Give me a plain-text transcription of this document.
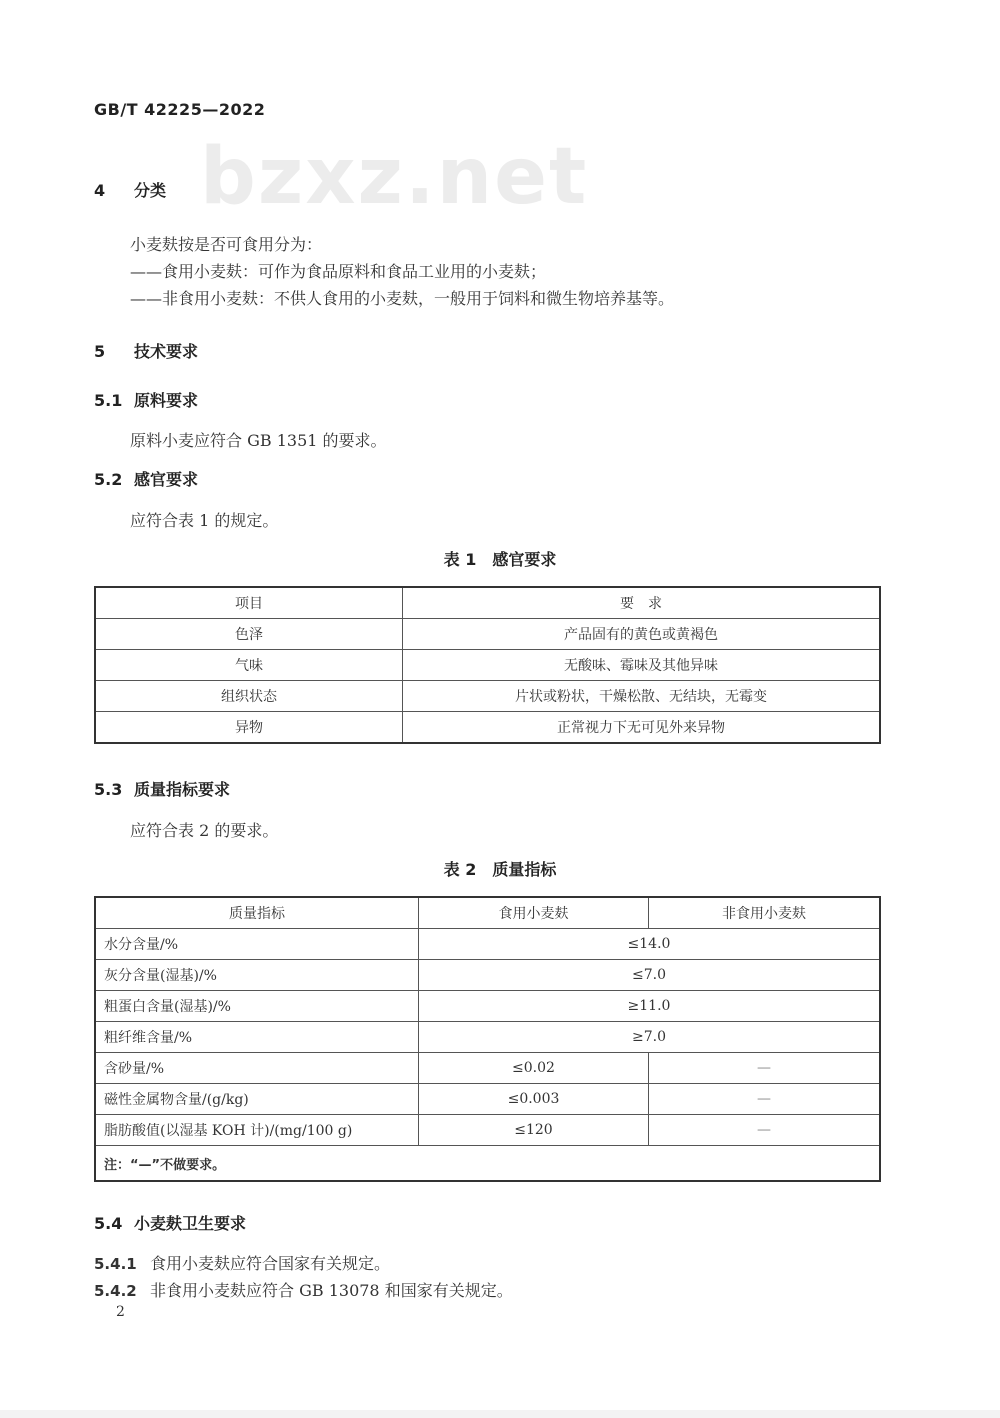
GB/T 42225—2022
bzxz.net
4 分类
小麦麸按是否可食用分为：
——食用小麦麸：可作为食品原料和食品工业用的小麦麸；
——非食用小麦麸：不供人食用的小麦麸，一般用于饲料和微生物培养基等。
5 技术要求
5.1 原料要求
原料小麦应符合 GB 1351 的要求。
5.2 感官要求
应符合表 1 的规定。
表 1　感官要求
项目	要　求
色泽	产品固有的黄色或黄褐色
气味	无酸味、霉味及其他异味
组织状态	片状或粉状，干燥松散、无结块，无霉变
异物	正常视力下无可见外来异物
5.3 质量指标要求
应符合表 2 的要求。
表 2　质量指标
质量指标	食用小麦麸	非食用小麦麸
水分含量/%	≤14.0	
灰分含量(湿基)/%	≤7.0	
粗蛋白含量(湿基)/%	≥11.0	
粗纤维含量/%	≥7.0	
含砂量/%	≤0.02	—
磁性金属物含量/(g/kg)	≤0.003	—
脂肪酸值(以湿基 KOH 计)/(mg/100 g)	≤120	—
注：“—”不做要求。		
5.4 小麦麸卫生要求
5.4.1 食用小麦麸应符合国家有关规定。
5.4.2 非食用小麦麸应符合 GB 13078 和国家有关规定。
2
